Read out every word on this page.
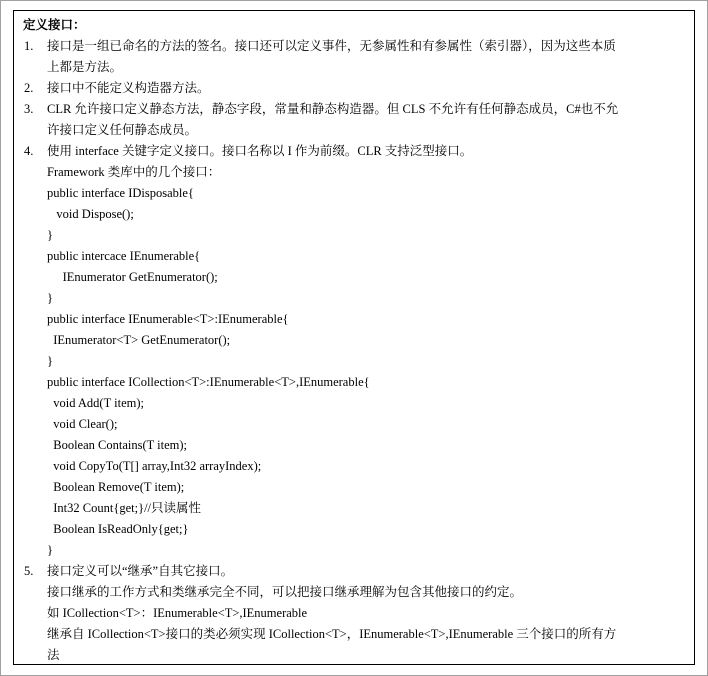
定义接口：
1. 接口是一组已命名的方法的签名。接口还可以定义事件，无参属性和有参属性（索引器），因为这些本质
上都是方法。
2. 接口中不能定义构造器方法。
3. CLR 允许接口定义静态方法，静态字段，常量和静态构造器。但 CLS 不允许有任何静态成员，C#也不允
许接口定义任何静态成员。
4. 使用 interface 关键字定义接口。接口名称以 I 作为前缀。CLR 支持泛型接口。
Framework 类库中的几个接口：
public interface IDisposable{
void Dispose();
}
public intercace IEnumerable{
IEnumerator GetEnumerator();
}
public interface IEnumerable<T>:IEnumerable{
IEnumerator<T> GetEnumerator();
}
public interface ICollection<T>:IEnumerable<T>,IEnumerable{
void Add(T item);
void Clear();
Boolean Contains(T item);
void CopyTo(T[] array,Int32 arrayIndex);
Boolean Remove(T item);
Int32 Count{get;}//只读属性
Boolean IsReadOnly{get;}
}
5. 接口定义可以“继承”自其它接口。
接口继承的工作方式和类继承完全不同，可以把接口继承理解为包含其他接口的约定。
如 ICollection<T>：IEnumerable<T>,IEnumerable
继承自 ICollection<T>接口的类必须实现 ICollection<T>，IEnumerable<T>,IEnumerable 三个接口的所有方
法
